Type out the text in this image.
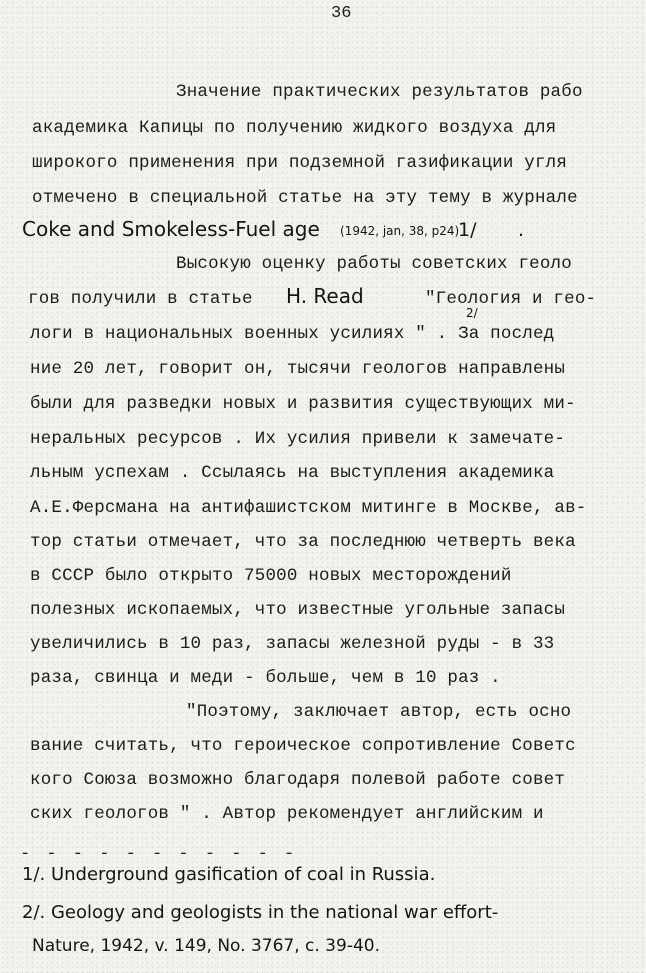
36
Значение практических результатов рабо
академика Капицы по получению жидкого воздуха для
широкого применения при подземной газификации угля
отмечено в специальной статье на эту тему в журнале
Coke and Smokeless-Fuel age (1942, jan, 38, p24)
1/ .
Высокую оценку работы советских геоло
гов получили в статье H. Read	"Геология и гео-
2/
логи в национальных военных усилиях " . За послед
ние 20 лет, говорит он, тысячи геологов направлены
были для разведки новых и развития существующих ми-
неральных ресурсов . Их усилия привели к замечате-
льным успехам . Ссылаясь на выступления академика
А.Е.Ферсмана на антифашистском митинге в Москве, ав-
тор статьи отмечает, что за последнюю четверть века
в СССР было открыто 75000 новых месторождений
полезных ископаемых, что известные угольные запасы
увеличились в 10 раз, запасы железной руды - в 33
раза, свинца и меди - больше, чем в 10 раз .
"Поэтому, заключает автор, есть осно
вание считать, что героическое сопротивление Советс
кого Союза возможно благодаря полевой работе совет
ских геологов " . Автор рекомендует английским и
- - - - - - - - - - -
1/. Underground gasification of coal in Russia.
2/. Geology and geologists in the national war effort-
Nature, 1942, v. 149, No. 3767, c. 39-40.
